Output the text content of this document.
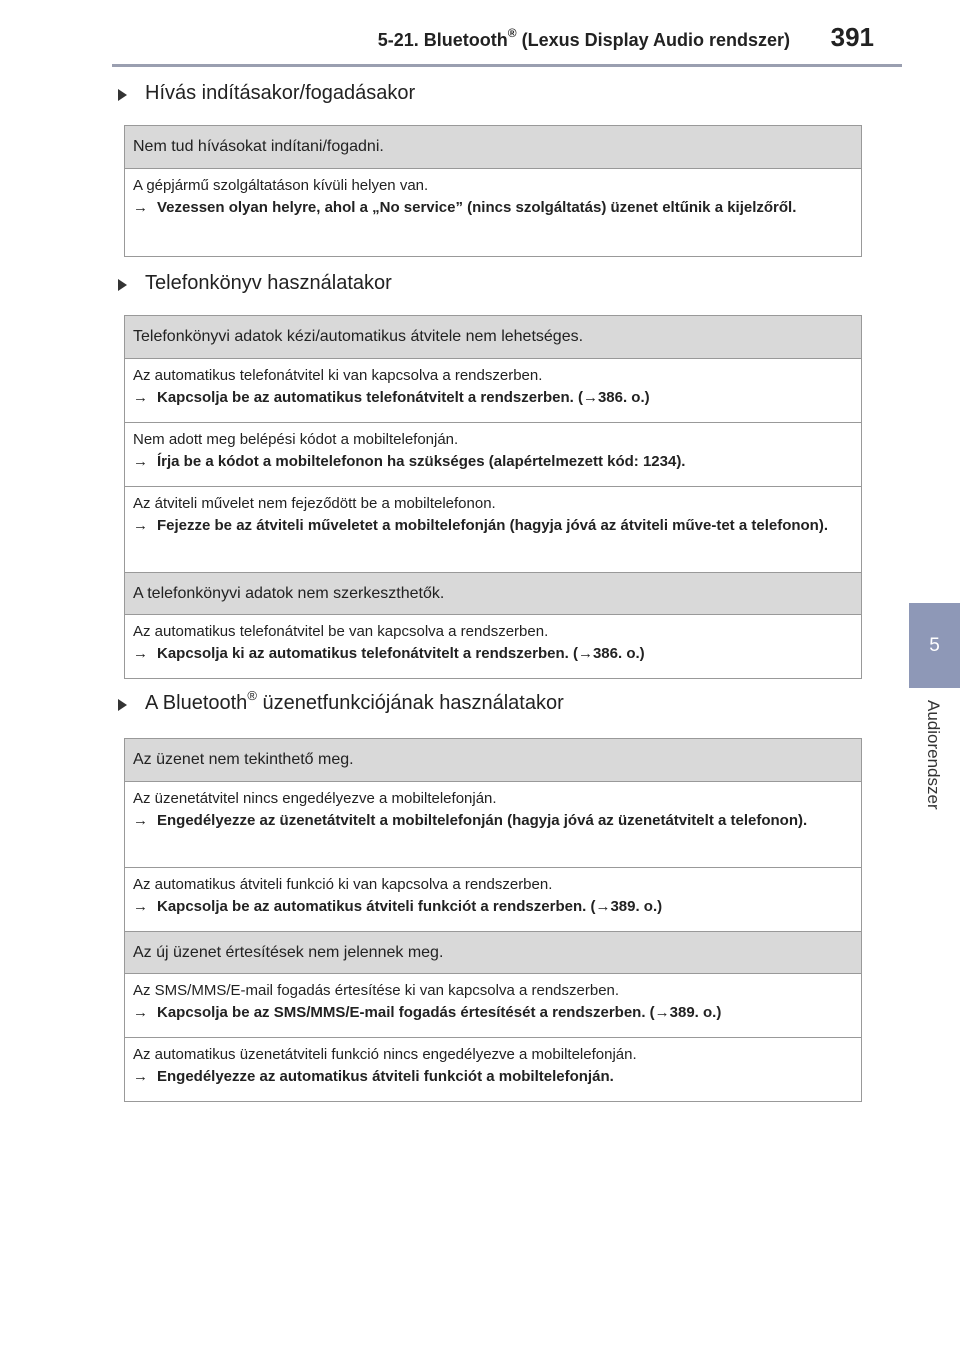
5-21. Bluetooth® (Lexus Display Audio rendszer) 391
5
Audiorendszer
Hívás indításakor/fogadásakor
Nem tud hívásokat indítani/fogadni.
A gépjármű szolgáltatáson kívüli helyen van.
→ Vezessen olyan helyre, ahol a „No service” (nincs szolgáltatás) üzenet eltűnik a kijelzőről.
Telefonkönyv használatakor
Telefonkönyvi adatok kézi/automatikus átvitele nem lehetséges.
Az automatikus telefonátvitel ki van kapcsolva a rendszerben.
→ Kapcsolja be az automatikus telefonátvitelt a rendszerben. (→386. o.)
Nem adott meg belépési kódot a mobiltelefonján.
→ Írja be a kódot a mobiltelefonon ha szükséges (alapértelmezett kód: 1234).
Az átviteli művelet nem fejeződött be a mobiltelefonon.
→ Fejezze be az átviteli műveletet a mobiltelefonján (hagyja jóvá az átviteli műve-tet a telefonon).
A telefonkönyvi adatok nem szerkeszthetők.
Az automatikus telefonátvitel be van kapcsolva a rendszerben.
→ Kapcsolja ki az automatikus telefonátvitelt a rendszerben. (→386. o.)
A Bluetooth® üzenetfunkciójának használatakor
Az üzenet nem tekinthető meg.
Az üzenetátvitel nincs engedélyezve a mobiltelefonján.
→ Engedélyezze az üzenetátvitelt a mobiltelefonján (hagyja jóvá az üzenetátvitelt a telefonon).
Az automatikus átviteli funkció ki van kapcsolva a rendszerben.
→ Kapcsolja be az automatikus átviteli funkciót a rendszerben. (→389. o.)
Az új üzenet értesítések nem jelennek meg.
Az SMS/MMS/E-mail fogadás értesítése ki van kapcsolva a rendszerben.
→ Kapcsolja be az SMS/MMS/E-mail fogadás értesítését a rendszerben. (→389. o.)
Az automatikus üzenetátviteli funkció nincs engedélyezve a mobiltelefonján.
→ Engedélyezze az automatikus átviteli funkciót a mobiltelefonján.
